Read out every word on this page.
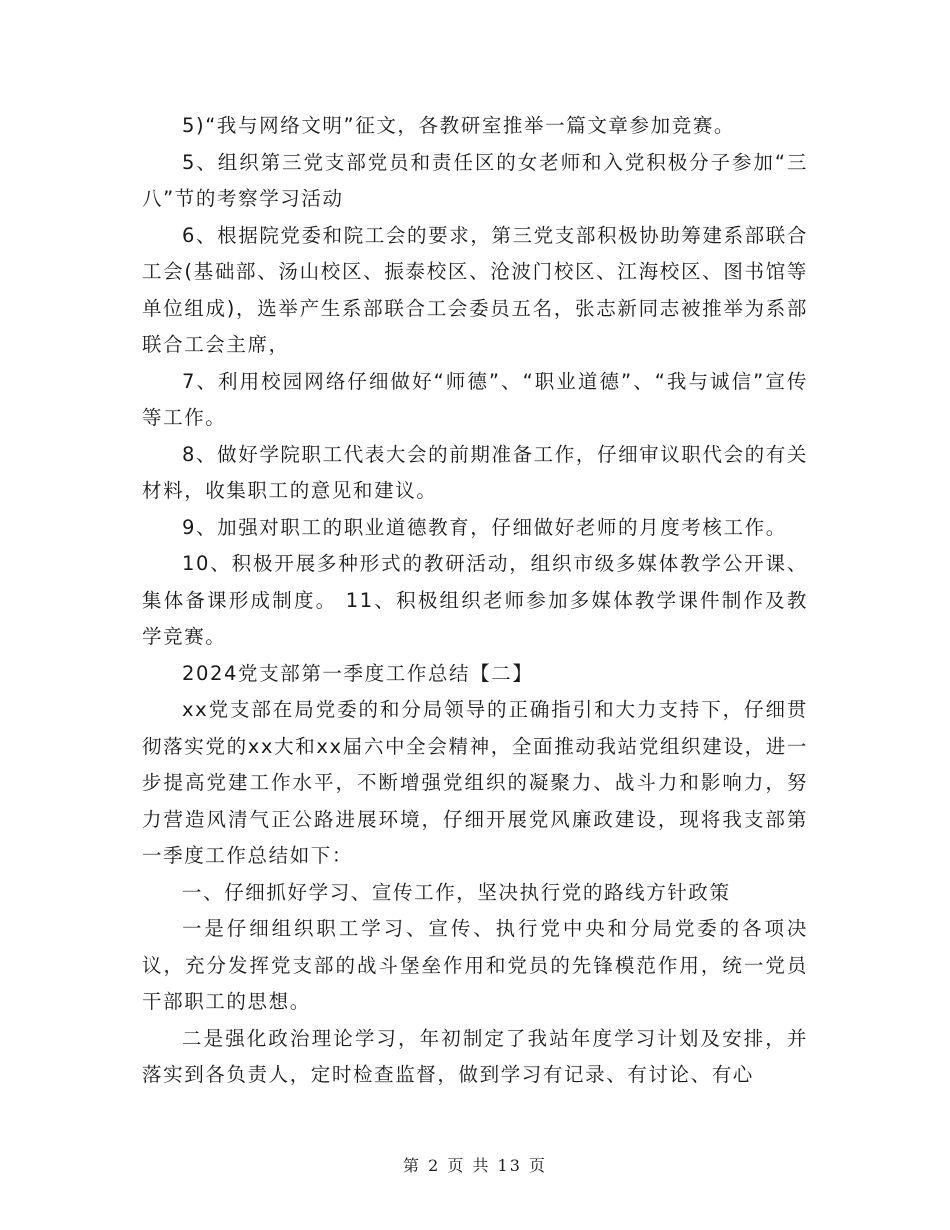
5)“我与网络文明”征文，各教研室推举一篇文章参加竞赛。

5、组织第三党支部党员和责任区的女老师和入党积极分子参加“三八”节的考察学习活动

6、根据院党委和院工会的要求，第三党支部积极协助筹建系部联合工会(基础部、汤山校区、振泰校区、沧波门校区、江海校区、图书馆等单位组成)，选举产生系部联合工会委员五名，张志新同志被推举为系部联合工会主席，

7、利用校园网络仔细做好“师德”、“职业道德”、“我与诚信”宣传等工作。

8、做好学院职工代表大会的前期准备工作，仔细审议职代会的有关材料，收集职工的意见和建议。

9、加强对职工的职业道德教育，仔细做好老师的月度考核工作。

10、积极开展多种形式的教研活动，组织市级多媒体教学公开课、集体备课形成制度。 11、积极组织老师参加多媒体教学课件制作及教学竞赛。

2024党支部第一季度工作总结【二】

xx党支部在局党委的和分局领导的正确指引和大力支持下，仔细贯彻落实党的xx大和xx届六中全会精神，全面推动我站党组织建设，进一步提高党建工作水平，不断增强党组织的凝聚力、战斗力和影响力，努力营造风清气正公路进展环境，仔细开展党风廉政建设，现将我支部第一季度工作总结如下：

一、仔细抓好学习、宣传工作，坚决执行党的路线方针政策

一是仔细组织职工学习、宣传、执行党中央和分局党委的各项决议，充分发挥党支部的战斗堡垒作用和党员的先锋模范作用，统一党员干部职工的思想。

二是强化政治理论学习，年初制定了我站年度学习计划及安排，并落实到各负责人，定时检查监督，做到学习有记录、有讨论、有心

第 2 页 共 13 页
